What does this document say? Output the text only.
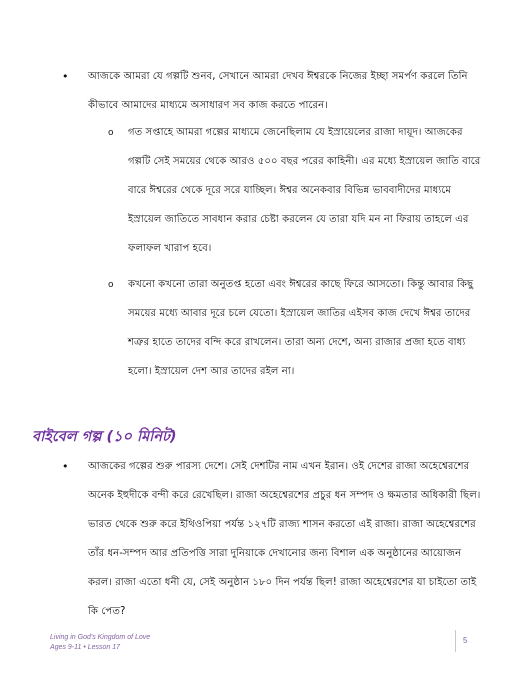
•	আজকে আমরা যে গল্পটি শুনব, সেখানে আমরা দেখব ঈশ্বরকে নিজের ইচ্ছা সমর্পণ করলে তিনি কীভাবে আমাদের মাধ্যমে অসাধারণ সব কাজ করতে পারেন।

o	গত সপ্তাহে আমরা গল্পের মাধ্যমে জেনেছিলাম যে ইস্রায়েলের রাজা দায়ূদ। আজকের গল্পটি সেই সময়ের থেকে আরও ৫০০ বছর পরের কাহিনী। এর মধ্যে ইস্রায়েল জাতি বারে বারে ঈশ্বরের থেকে দূরে সরে যাচ্ছিল। ঈশ্বর অনেকবার বিভিন্ন ভাববাদীদের মাধ্যমে ইস্রায়েল জাতিতে সাবধান করার চেষ্টা করলেন যে তারা যদি মন না ফিরায় তাহলে এর ফলাফল খারাপ হবে।

o	কখনো কখনো তারা অনুতপ্ত হতো এবং ঈশ্বরের কাছে ফিরে আসতো। কিন্তু আবার কিছু সময়ের মধ্যে আবার দূরে চলে যেতো। ইস্রায়েল জাতির এইসব কাজ দেখে ঈশ্বর তাদের শত্রুর হাতে তাদের বন্দি করে রাখলেন। তারা অন্য দেশে, অন্য রাজার প্রজা হতে বাধ্য হলো। ইস্রায়েল দেশ আর তাদের রইল না।

বাইবেল গল্প (১০ মিনিট)
•	আজকের গল্পের শুরু পারস্য দেশে। সেই দেশটির নাম এখন ইরান। ওই দেশের রাজা অহেশ্বেরশের অনেক ইহুদীকে বন্দী করে রেখেছিল। রাজা অহেশ্বেরশের প্রচুর ধন সম্পদ ও ক্ষমতার অধিকারী ছিল। ভারত থেকে শুরু করে ইথিওপিয়া পর্যন্ত ১২৭টি রাজ্য শাসন করতো এই রাজা। রাজা অহেশ্বেরশের তাঁর ধন-সম্পদ আর প্রতিপত্তি সারা দুনিয়াকে দেখানোর জন্য বিশাল এক অনুষ্ঠানের আয়োজন করল। রাজা এতো ধনী যে, সেই অনুষ্ঠান ১৮০ দিন পর্যন্ত ছিল! রাজা অহেশ্বেরশের যা চাইতো তাই কি পেত?

Living in God's Kingdom of Love
Ages 9-11 • Lesson 17
5
